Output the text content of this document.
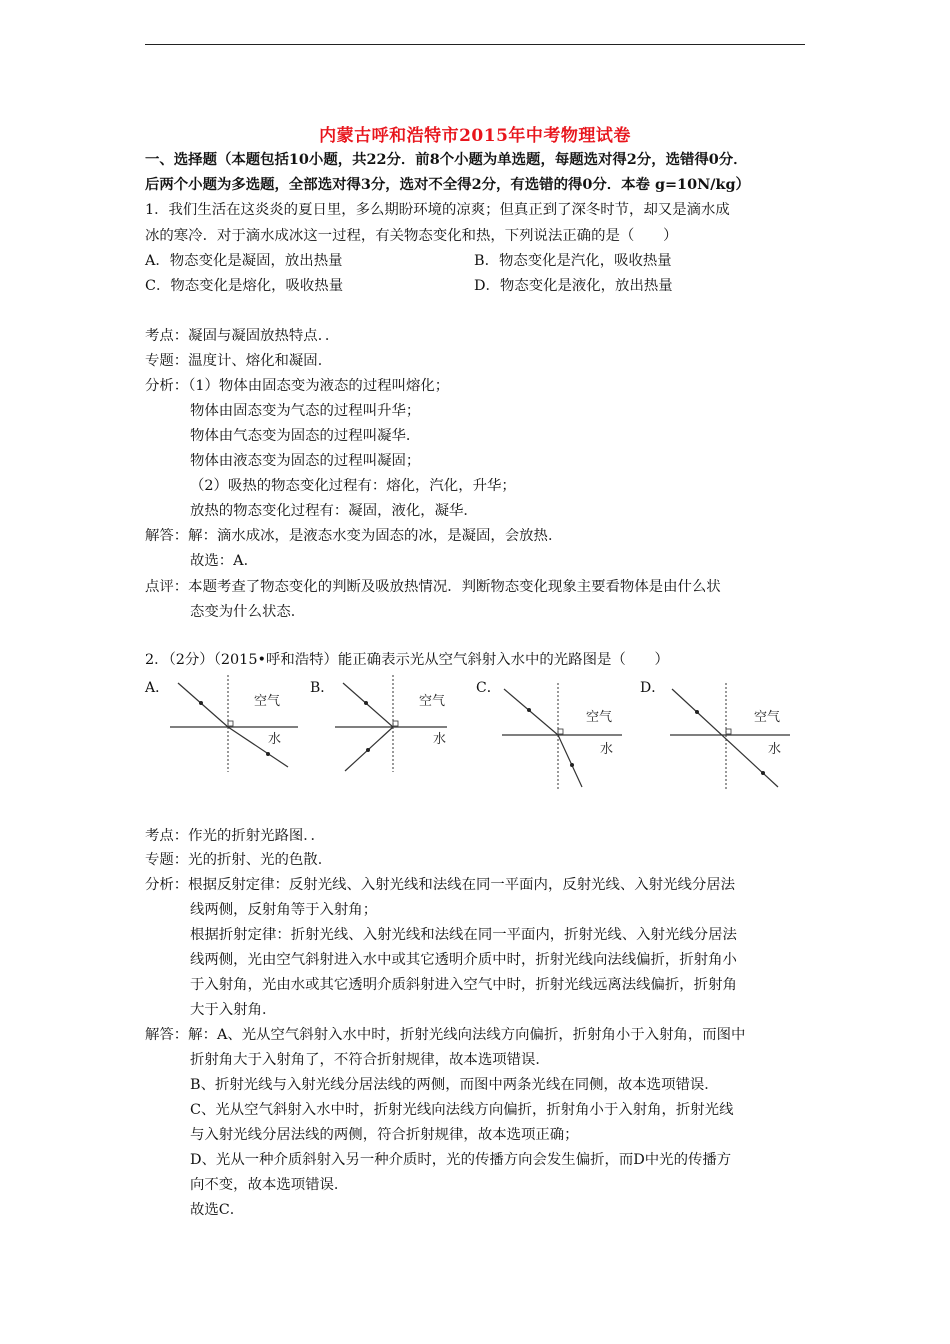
内蒙古呼和浩特市2015年中考物理试卷
一、选择题（本题包括10小题，共22分．前8个小题为单选题，每题选对得2分，选错得0分．
后两个小题为多选题，全部选对得3分，选对不全得2分，有选错的得0分．本卷 g=10N/kg）
1．我们生活在这炎炎的夏日里，多么期盼环境的凉爽；但真正到了深冬时节，却又是滴水成
冰的寒冷．对于滴水成冰这一过程，有关物态变化和热，下列说法正确的是（　　）
A．物态变化是凝固，放出热量	B．物态变化是汽化，吸收热量
C．物态变化是熔化，吸收热量	D．物态变化是液化，放出热量
考点：凝固与凝固放热特点．．
专题：温度计、熔化和凝固．
分析：（1）物体由固态变为液态的过程叫熔化；
物体由固态变为气态的过程叫升华；
物体由气态变为固态的过程叫凝华．
物体由液态变为固态的过程叫凝固；
（2）吸热的物态变化过程有：熔化，汽化，升华；
放热的物态变化过程有：凝固，液化，凝华．
解答：解：滴水成冰，是液态水变为固态的冰，是凝固，会放热．
故选：A．
点评：本题考查了物态变化的判断及吸放热情况．判断物态变化现象主要看物体是由什么状
态变为什么状态．
2．（2分）（2015•呼和浩特）能正确表示光从空气斜射入水中的光路图是（　　）
A．
空气
水
B．
空气
水
C．
空气
水
D．
空气
水
考点：作光的折射光路图．．
专题：光的折射、光的色散．
分析：根据反射定律：反射光线、入射光线和法线在同一平面内，反射光线、入射光线分居法
线两侧，反射角等于入射角；
根据折射定律：折射光线、入射光线和法线在同一平面内，折射光线、入射光线分居法
线两侧，光由空气斜射进入水中或其它透明介质中时，折射光线向法线偏折，折射角小
于入射角，光由水或其它透明介质斜射进入空气中时，折射光线远离法线偏折，折射角
大于入射角．
解答：解：A、光从空气斜射入水中时，折射光线向法线方向偏折，折射角小于入射角，而图中
折射角大于入射角了，不符合折射规律，故本选项错误．
B、折射光线与入射光线分居法线的两侧，而图中两条光线在同侧，故本选项错误．
C、光从空气斜射入水中时，折射光线向法线方向偏折，折射角小于入射角，折射光线
与入射光线分居法线的两侧，符合折射规律，故本选项正确；
D、光从一种介质斜射入另一种介质时，光的传播方向会发生偏折，而D中光的传播方
向不变，故本选项错误．
故选C．
